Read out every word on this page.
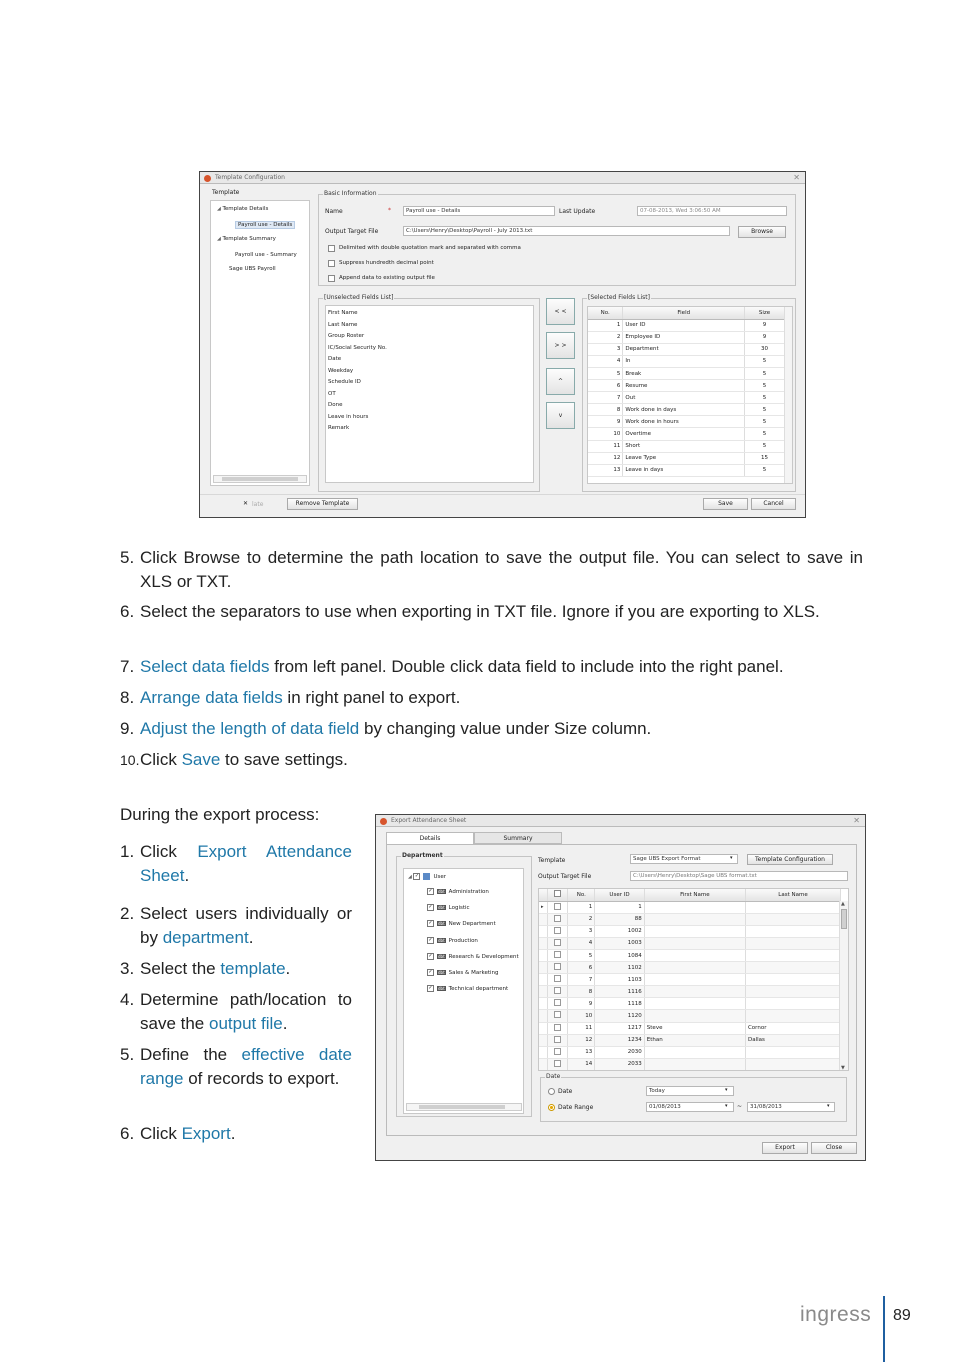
Template Configuration	✕
Template
◢ Template Details
Payroll use - Details
◢ Template Summary
Payroll use - Summary
Sage UBS Payroll
Basic Information
Name	*	Payroll use - Details	Last Update	07-08-2013, Wed 3:06:50 AM
Output Target File	C:\Users\Henry\Desktop\Payroll - July 2013.txt	Browse
Delimited with double quotation mark and separated with comma
Suppress hundredth decimal point
Append data to existing output file
[Unselected Fields List]
First Name
Last Name
Group Roster
IC/Social Security No.
Date
Weekday
Schedule ID
OT
Done
Leave in hours
Remark
< <
> >
^
v
[Selected Fields List]
No.	Field	Size
1	User ID	9
2	Employee ID	9
3	Department	30
4	In	5
5	Break	5
6	Resume	5
7	Out	5
8	Work done in days	5
9	Work done in hours	5
10	Overtime	5
11	Short	5
12	Leave Type	15
13	Leave in days	5
✕ late	Remove Template	Save	Cancel
5. Click Browse to determine the path location to save the output file. You can select to save in XLS or TXT.
6. Select the separators to use when exporting in TXT file. Ignore if you are exporting to XLS.
7. Select data fields from left panel. Double click data field to include into the right panel.
8. Arrange data fields in right panel to export.
9. Adjust the length of data field by changing value under Size column.
10. Click Save to save settings.
During the export process:
1. Click Export Attendance Sheet.
2. Select users individually or by department.
3. Select the template.
4. Determine path/location to save the output file.
5. Define the effective date range of records to export.
6. Click Export.
Export Attendance Sheet	✕
Details	Summary
Department
◢ ✓	User
✓ dbt Administration
✓ dbt Logistic
✓ dbt New Department
✓ dbt Production
✓ dbt Research & Development
✓ dbt Sales & Marketing
✓ dbt Technical department
Template	Sage UBS Export Format	▾	Template Configuration
Output Target File	C:\Users\Henry\Desktop\Sage UBS format.txt
		No.	User ID	First Name	Last Name
▸		1	1		
		2	88		
		3	1002		
		4	1003		
		5	1084		
		6	1102		
		7	1103		
		8	1116		
		9	1118		
		10	1120		
		11	1217	Steve	Cornor
		12	1234	Ethan	Dallas
		13	2030		
		14	2033		
▲
▼
Date
Date	Today	▾
Date Range	01/08/2013	▾ ~	31/08/2013	▾
Export	Close
ingress 89
